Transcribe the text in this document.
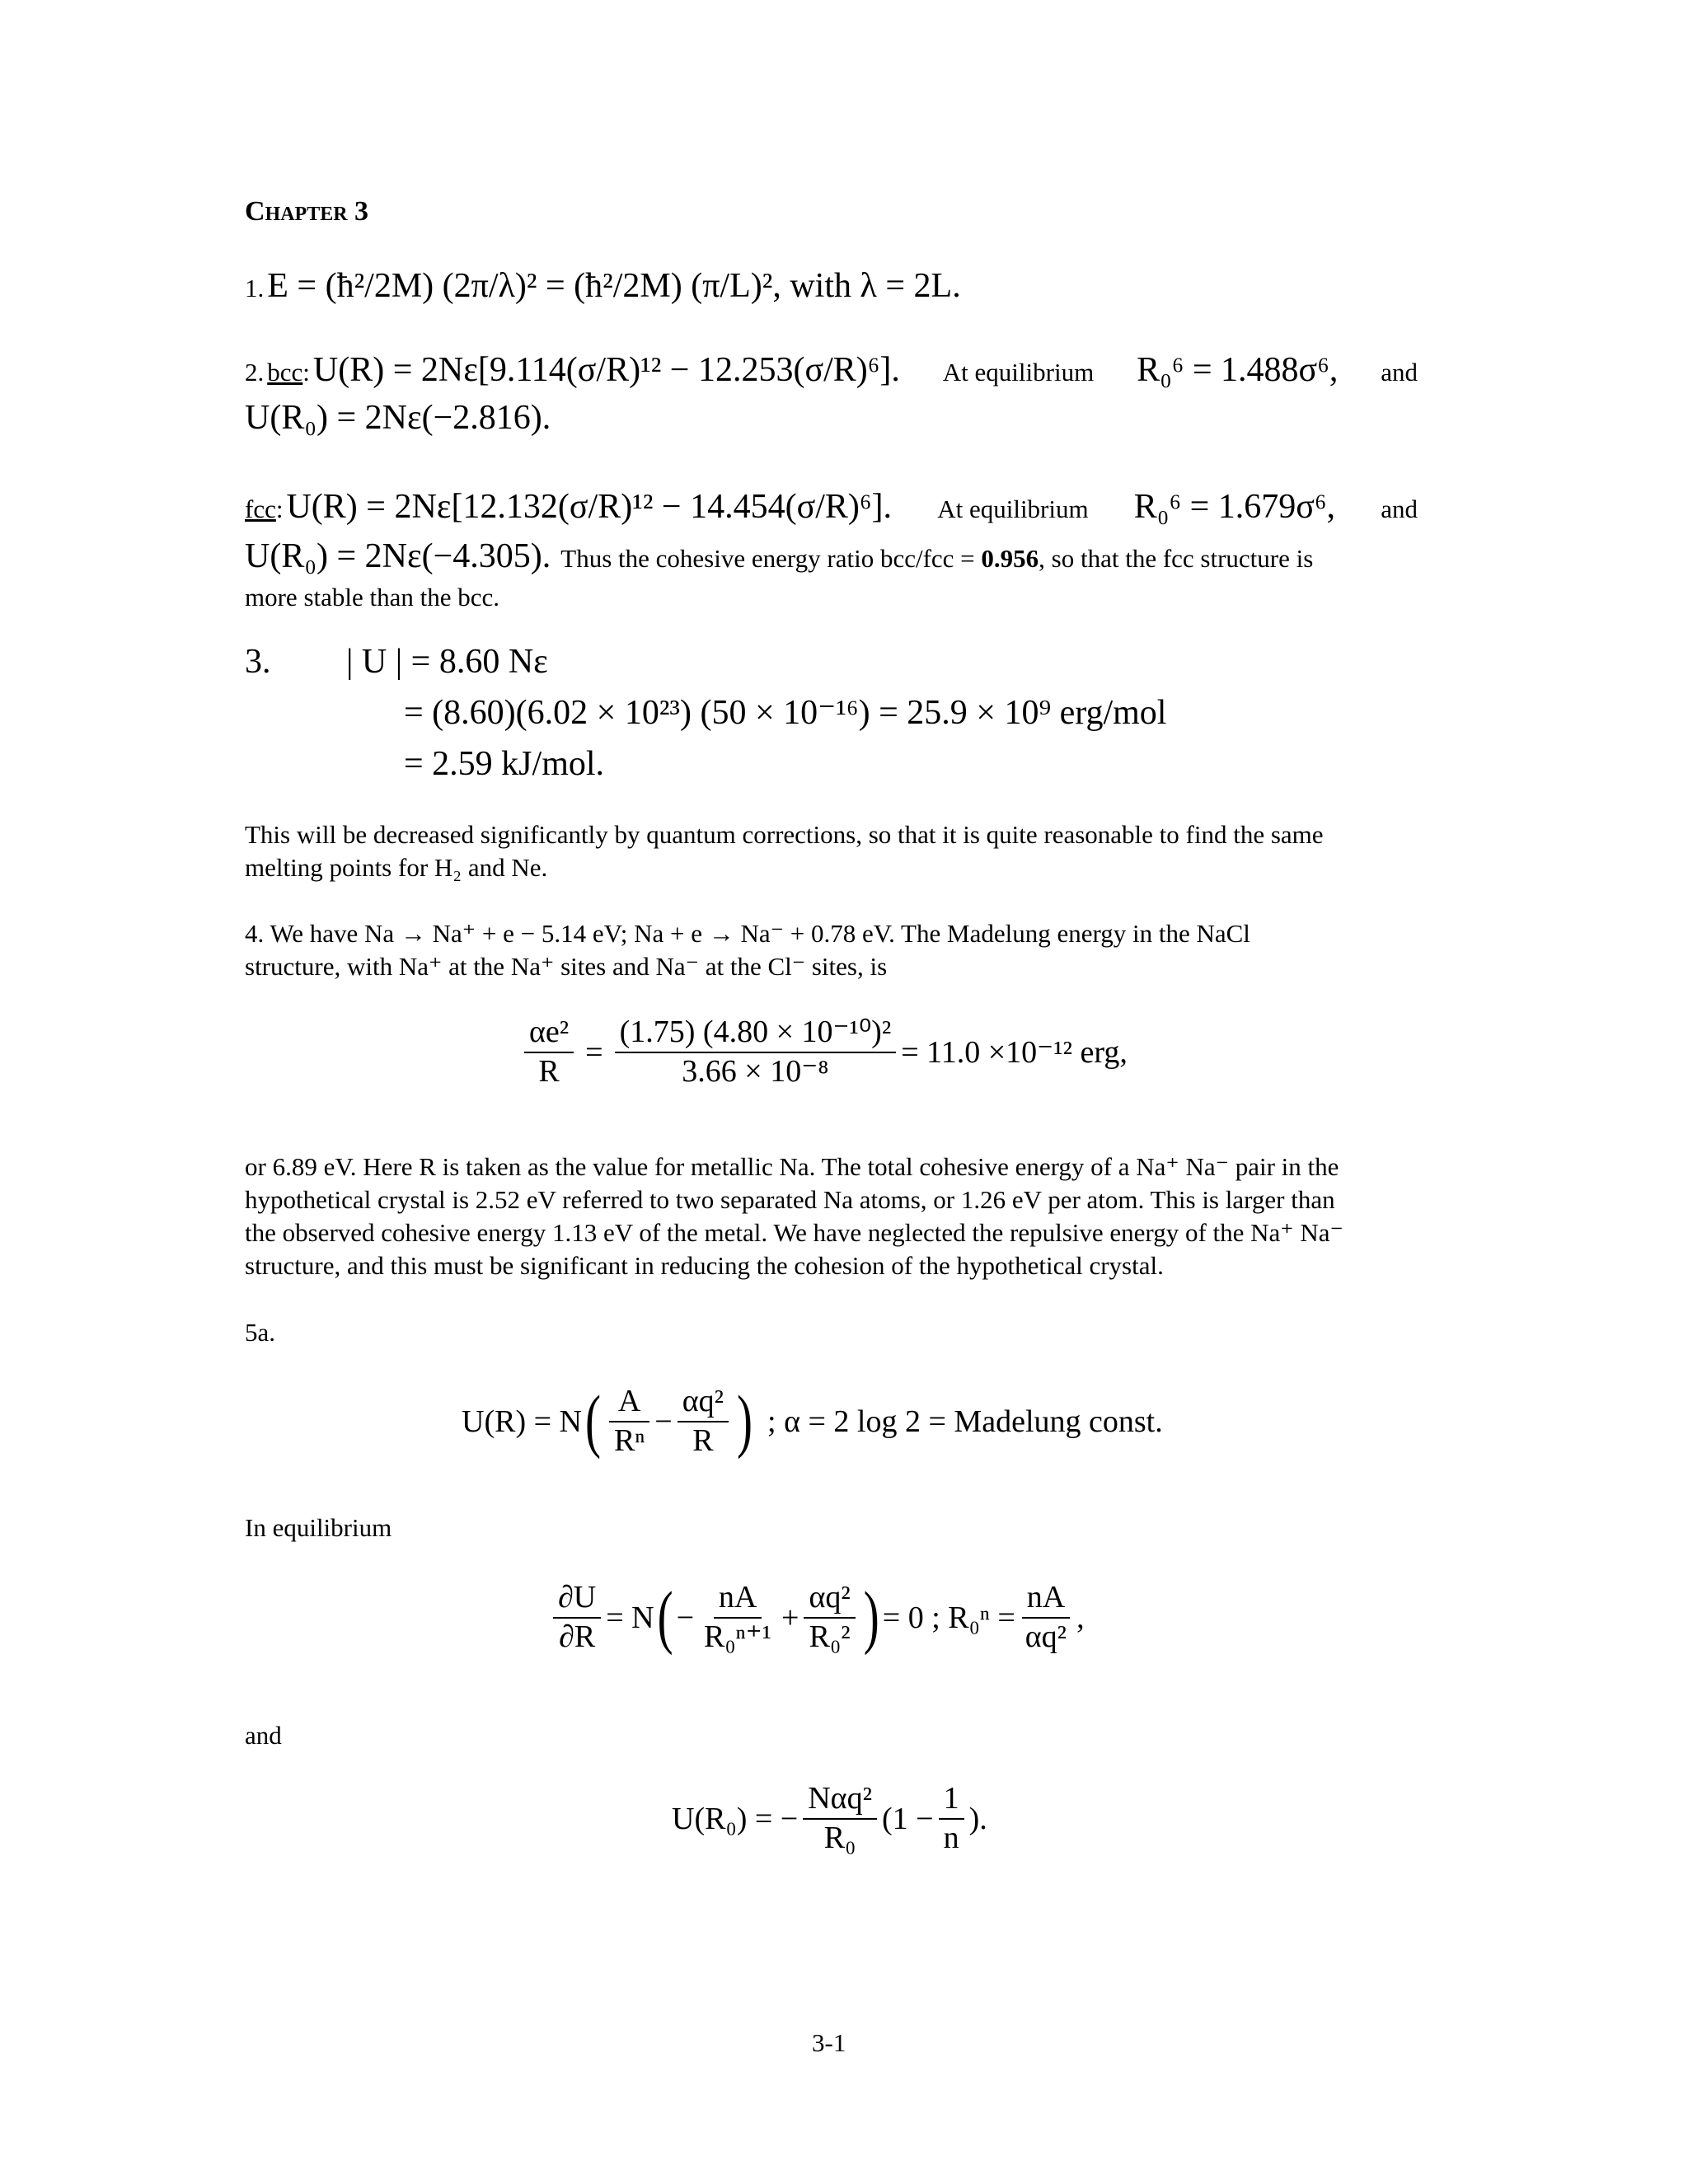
Chapter 3
1. E = (ħ²/2M) (2π/λ)² = (ħ²/2M) (π/L)², with λ = 2L.
2. bcc: U(R) = 2Nε[9.114(σ/R)¹² − 12.253(σ/R)⁶]. At equilibrium R₀⁶ = 1.488σ⁶, and
U(R₀) = 2Nε(−2.816).
fcc: U(R) = 2Nε[12.132(σ/R)¹² − 14.454(σ/R)⁶]. At equilibrium R₀⁶ = 1.679σ⁶, and
U(R₀) = 2Nε(−4.305). Thus the cohesive energy ratio bcc/fcc = 0.956, so that the fcc structure is
more stable than the bcc.
3. | U | = 8.60 Nε
= (8.60)(6.02 × 10²³) (50 × 10⁻¹⁶) = 25.9 × 10⁹ erg/mol
= 2.59 kJ/mol.
This will be decreased significantly by quantum corrections, so that it is quite reasonable to find the same
melting points for H₂ and Ne.
4. We have Na → Na⁺ + e − 5.14 eV; Na + e → Na⁻ + 0.78 eV. The Madelung energy in the NaCl
structure, with Na⁺ at the Na⁺ sites and Na⁻ at the Cl⁻ sites, is
$\frac{\text{αe²}}{R} = \frac{\text{(1.75) (4.80 × 10⁻¹⁰)²}}{\text{3.66 × 10⁻⁸}} = 11.0 \times 10^{-12}$ erg,
or 6.89 eV. Here R is taken as the value for metallic Na. The total cohesive energy of a Na⁺ Na⁻ pair in the
hypothetical crystal is 2.52 eV referred to two separated Na atoms, or 1.26 eV per atom. This is larger than
the observed cohesive energy 1.13 eV of the metal. We have neglected the repulsive energy of the Na⁺ Na⁻
structure, and this must be significant in reducing the cohesion of the hypothetical crystal.
5a.
U(R) = N ( $\frac{A}{\text{Rⁿ}} - \frac{\text{αq²}}{R}$ ) ; α = 2 log 2 = Madelung const.
In equilibrium
$\frac{\partial U}{\partial R} = N$ ( − $\frac{nA}{\text{R₀ⁿ⁺¹}} + \frac{\text{αq²}}{\text{R₀²}}$ ) = 0 ; $R_0^n = \frac{nA}{\text{αq²}}$ ,
and
U(R₀) = − $\frac{\text{Nαq²}}{\text{R₀}} (1 - \frac{1}{n}$ ).
3-1
